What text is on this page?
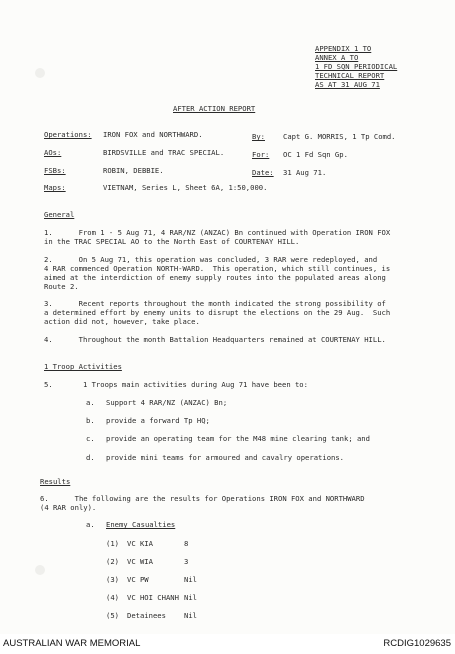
APPENDIX 1 TO
ANNEX A TO
1 FD SQN PERIODICAL
TECHNICAL REPORT
AS AT 31 AUG 71
AFTER ACTION REPORT
Operations: IRON FOX and NORTHWARD.	By:	Capt G. MORRIS, 1 Tp Comd.
AOs:	BIRDSVILLE and TRAC SPECIAL.	For: OC 1 Fd Sqn Gp.
FSBs:	ROBIN, DEBBIE.	Date: 31 Aug 71.
Maps:	VIETNAM, Series L, Sheet 6A, 1:50,000.
General
1.      From 1 - 5 Aug 71, 4 RAR/NZ (ANZAC) Bn continued with Operation IRON FOX
in the TRAC SPECIAL AO to the North East of COURTENAY HILL.
2.      On 5 Aug 71, this operation was concluded, 3 RAR were redeployed, and
4 RAR commenced Operation NORTH-WARD.  This operation, which still continues, is
aimed at the interdiction of enemy supply routes into the populated areas along
Route 2.
3.      Recent reports throughout the month indicated the strong possibility of
a determined effort by enemy units to disrupt the elections on the 29 Aug.  Such
action did not, however, take place.
4.      Throughout the month Battalion Headquarters remained at COURTENAY HILL.
1 Troop Activities
5.       1 Troops main activities during Aug 71 have been to:
a. Support 4 RAR/NZ (ANZAC) Bn;
b. provide a forward Tp HQ;
c. provide an operating team for the M48 mine clearing tank; and
d. provide mini teams for armoured and cavalry operations.
Results
6.      The following are the results for Operations IRON FOX and NORTHWARD
(4 RAR only).
a. Enemy Casualties
(1) VC KIA	8
(2) VC WIA	3
(3) VC PW	Nil
(4) VC HOI CHANH Nil
(5) Detainees	Nil
AUSTRALIAN WAR MEMORIAL	RCDIG1029635
